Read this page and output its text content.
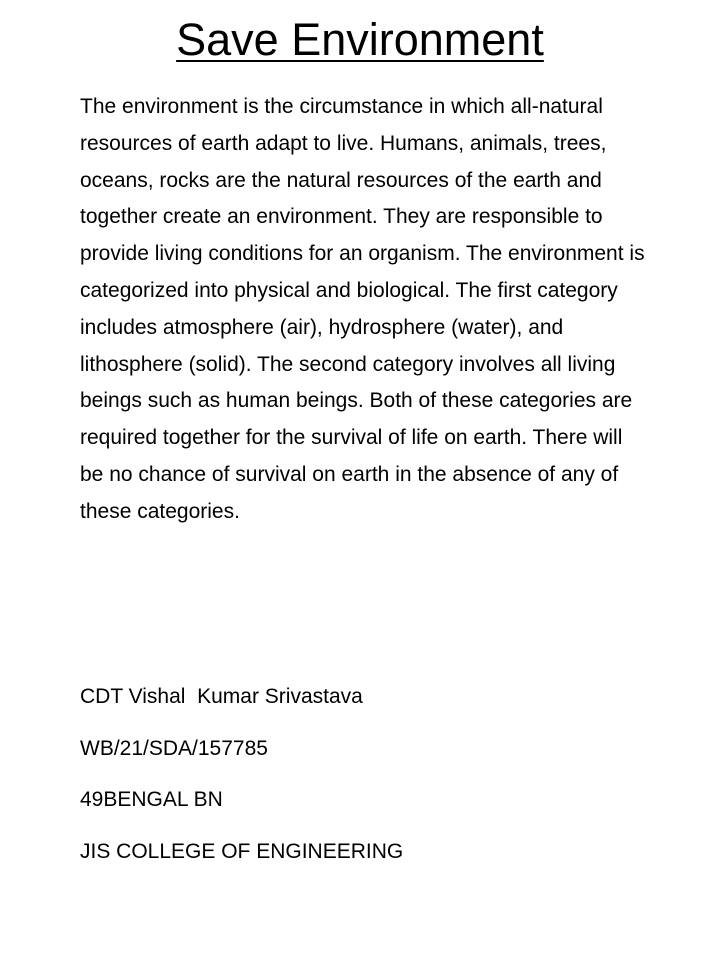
Save Environment

The environment is the circumstance in which all-natural resources of earth adapt to live. Humans, animals, trees, oceans, rocks are the natural resources of the earth and together create an environment. They are responsible to provide living conditions for an organism. The environment is categorized into physical and biological. The first category includes atmosphere (air), hydrosphere (water), and lithosphere (solid). The second category involves all living beings such as human beings. Both of these categories are required together for the survival of life on earth. There will be no chance of survival on earth in the absence of any of these categories.

CDT Vishal  Kumar Srivastava

WB/21/SDA/157785

49BENGAL BN

JIS COLLEGE OF ENGINEERING
